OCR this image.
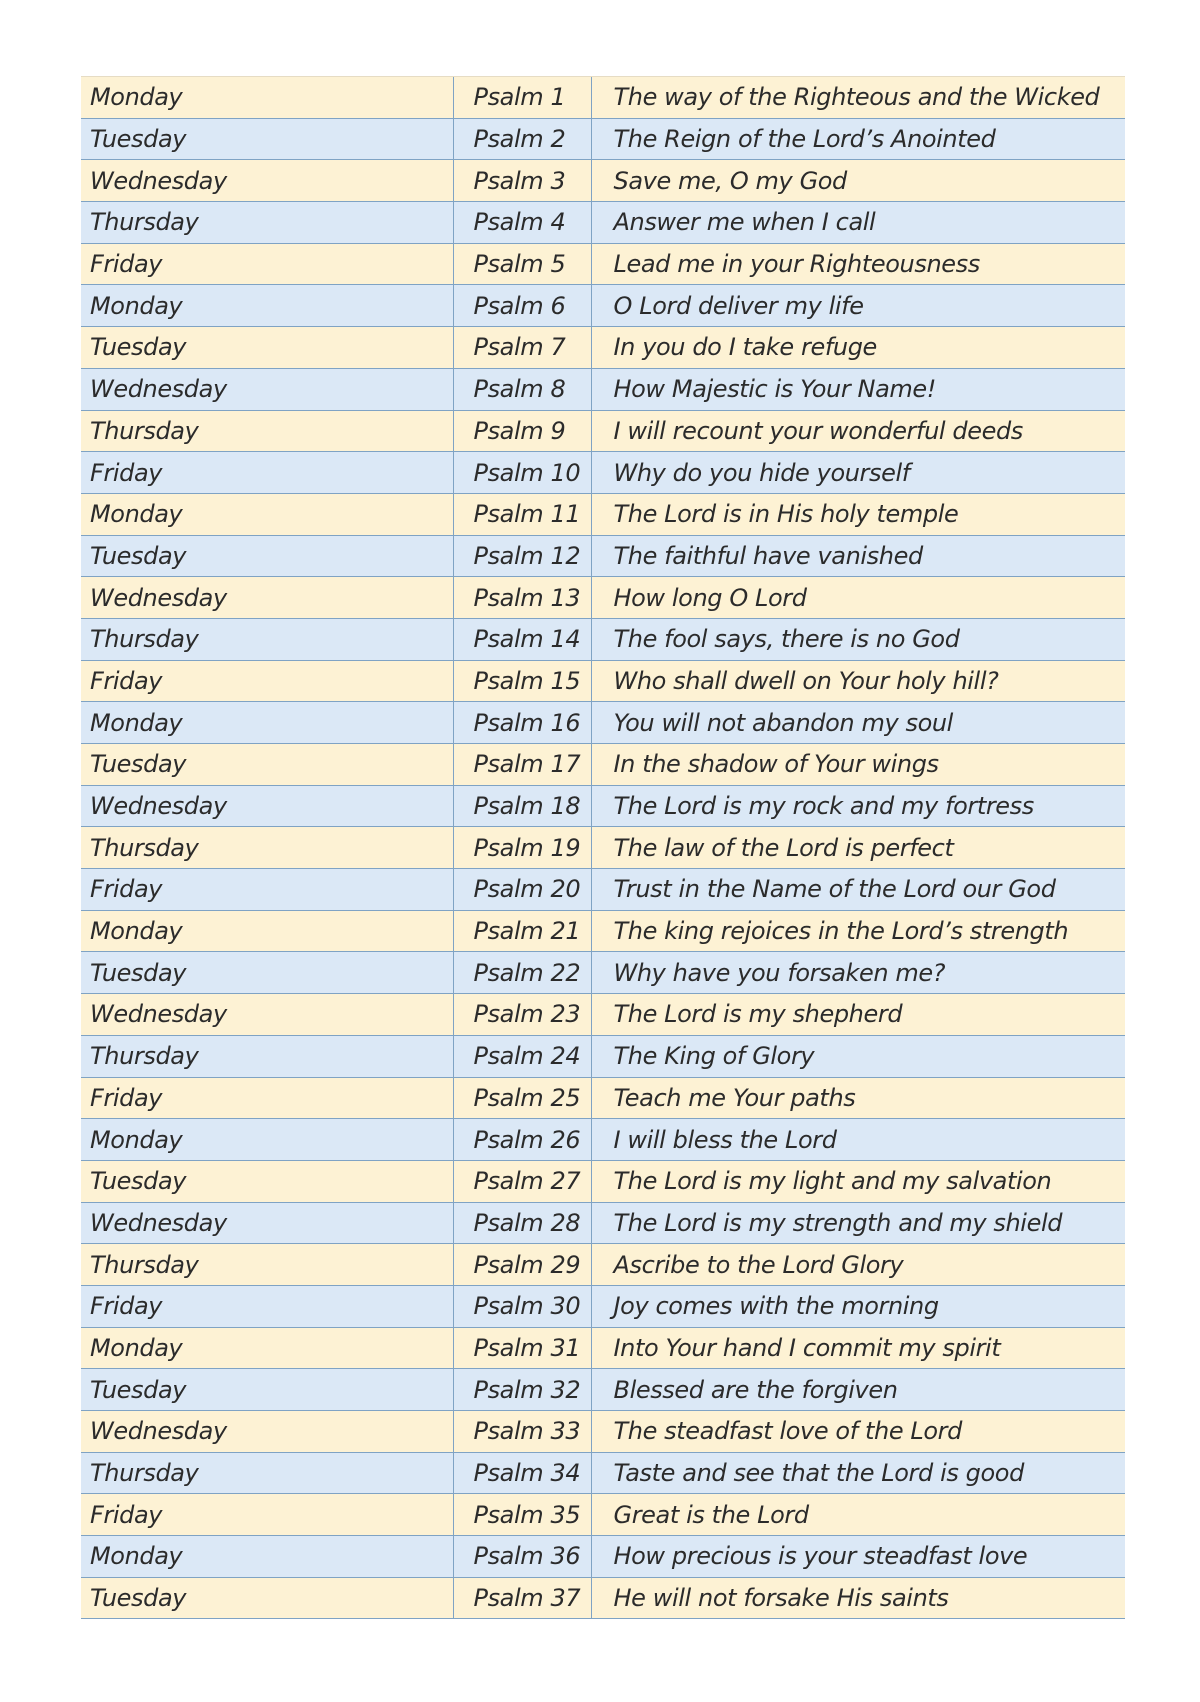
Monday	Psalm 1	The way of the Righteous and the Wicked
Tuesday	Psalm 2	The Reign of the Lord’s Anointed
Wednesday	Psalm 3	Save me, O my God
Thursday	Psalm 4	Answer me when I call
Friday	Psalm 5	Lead me in your Righteousness
Monday	Psalm 6	O Lord deliver my life
Tuesday	Psalm 7	In you do I take refuge
Wednesday	Psalm 8	How Majestic is Your Name!
Thursday	Psalm 9	I will recount your wonderful deeds
Friday	Psalm 10	Why do you hide yourself
Monday	Psalm 11	The Lord is in His holy temple
Tuesday	Psalm 12	The faithful have vanished
Wednesday	Psalm 13	How long O Lord
Thursday	Psalm 14	The fool says, there is no God
Friday	Psalm 15	Who shall dwell on Your holy hill?
Monday	Psalm 16	You will not abandon my soul
Tuesday	Psalm 17	In the shadow of Your wings
Wednesday	Psalm 18	The Lord is my rock and my fortress
Thursday	Psalm 19	The law of the Lord is perfect
Friday	Psalm 20	Trust in the Name of the Lord our God
Monday	Psalm 21	The king rejoices in the Lord’s strength
Tuesday	Psalm 22	Why have you forsaken me?
Wednesday	Psalm 23	The Lord is my shepherd
Thursday	Psalm 24	The King of Glory
Friday	Psalm 25	Teach me Your paths
Monday	Psalm 26	I will bless the Lord
Tuesday	Psalm 27	The Lord is my light and my salvation
Wednesday	Psalm 28	The Lord is my strength and my shield
Thursday	Psalm 29	Ascribe to the Lord Glory
Friday	Psalm 30	Joy comes with the morning
Monday	Psalm 31	Into Your hand I commit my spirit
Tuesday	Psalm 32	Blessed are the forgiven
Wednesday	Psalm 33	The steadfast love of the Lord
Thursday	Psalm 34	Taste and see that the Lord is good
Friday	Psalm 35	Great is the Lord
Monday	Psalm 36	How precious is your steadfast love
Tuesday	Psalm 37	He will not forsake His saints
